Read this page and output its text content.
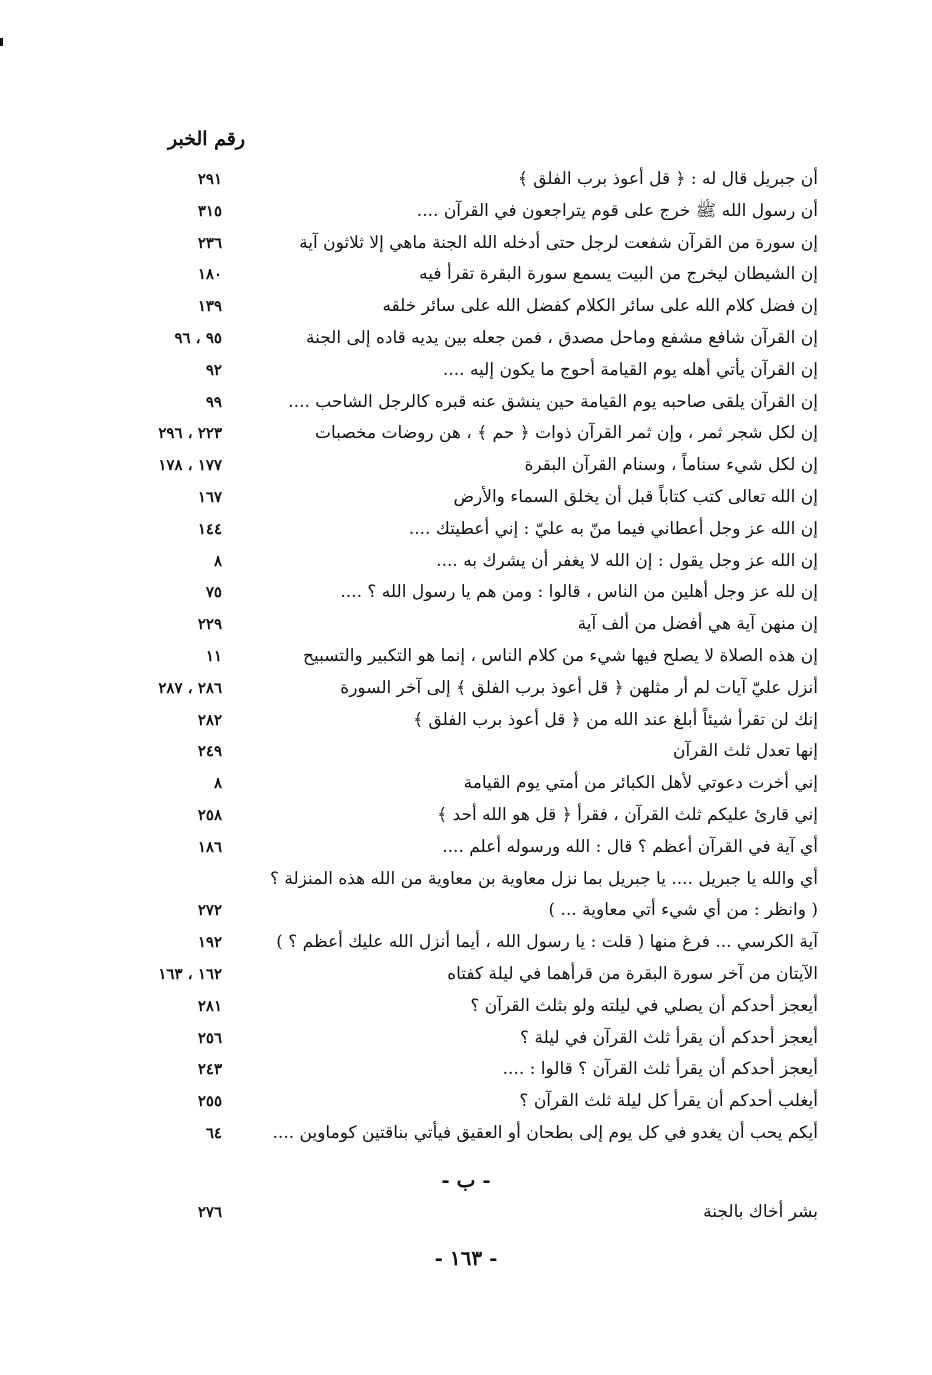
رقم الخبر
أن جبريل قال له : ﴿ قل أعوذ برب الفلق ﴾
٢٩١
أن رسول الله ﷺ خرج على قوم يتراجعون في القرآن ....
٣١٥
إن سورة من القرآن شفعت لرجل حتى أدخله الله الجنة ماهي إلا ثلاثون آية
٢٣٦
إن الشيطان ليخرج من البيت يسمع سورة البقرة تقرأ فيه
١٨٠
إن فضل كلام الله على سائر الكلام كفضل الله على سائر خلقه
١٣٩
إن القرآن شافع مشفع وماحل مصدق ، فمن جعله بين يديه قاده إلى الجنة
٩٥ ، ٩٦
إن القرآن يأتي أهله يوم القيامة أحوج ما يكون إليه ....
٩٢
إن القرآن يلقى صاحبه يوم القيامة حين ينشق عنه قبره كالرجل الشاحب ....
٩٩
إن لكل شجر ثمر ، وإن ثمر القرآن ذوات ﴿ حم ﴾ ، هن روضات مخصبات
٢٢٣ ، ٢٩٦
إن لكل شيء سناماً ، وسنام القرآن البقرة
١٧٧ ، ١٧٨
إن الله تعالى كتب كتاباً قبل أن يخلق السماء والأرض
١٦٧
إن الله عز وجل أعطاني فيما منّ به عليّ : إني أعطيتك ....
١٤٤
إن الله عز وجل يقول : إن الله لا يغفر أن يشرك به ....
٨
إن لله عز وجل أهلين من الناس ، قالوا : ومن هم يا رسول الله ؟ ....
٧٥
إن منهن آية هي أفضل من ألف آية
٢٢٩
إن هذه الصلاة لا يصلح فيها شيء من كلام الناس ، إنما هو التكبير والتسبيح
١١
أنزل عليّ آيات لم أر مثلهن ﴿ قل أعوذ برب الفلق ﴾ إلى آخر السورة
٢٨٦ ، ٢٨٧
إنك لن تقرأ شيئاً أبلغ عند الله من ﴿ قل أعوذ برب الفلق ﴾
٢٨٢
إنها تعدل ثلث القرآن
٢٤٩
إني أخرت دعوتي لأهل الكبائر من أمتي يوم القيامة
٨
إني قارئ عليكم ثلث القرآن ، فقرأ ﴿ قل هو الله أحد ﴾
٢٥٨
أي آية في القرآن أعظم ؟ قال : الله ورسوله أعلم ....
١٨٦
أي والله يا جبريل .... يا جبريل بما نزل معاوية بن معاوية من الله هذه المنزلة ؟
( وانظر : من أي شيء أتي معاوية ... )
٢٧٢
آية الكرسي ... فرغ منها ( قلت : يا رسول الله ، أيما أنزل الله عليك أعظم ؟ )
١٩٢
الآيتان من آخر سورة البقرة من قرأهما في ليلة كفتاه
١٦٢ ، ١٦٣
أيعجز أحدكم أن يصلي في ليلته ولو بثلث القرآن ؟
٢٨١
أيعجز أحدكم أن يقرأ ثلث القرآن في ليلة ؟
٢٥٦
أيعجز أحدكم أن يقرأ ثلث القرآن ؟ قالوا : ....
٢٤٣
أيغلب أحدكم أن يقرأ كل ليلة ثلث القرآن ؟
٢٥٥
أيكم يحب أن يغدو في كل يوم إلى بطحان أو العقيق فيأتي بناقتين كوماوين ....
٦٤
- ب -
بشر أخاك بالجنة
٢٧٦
- ١٦٣ -
